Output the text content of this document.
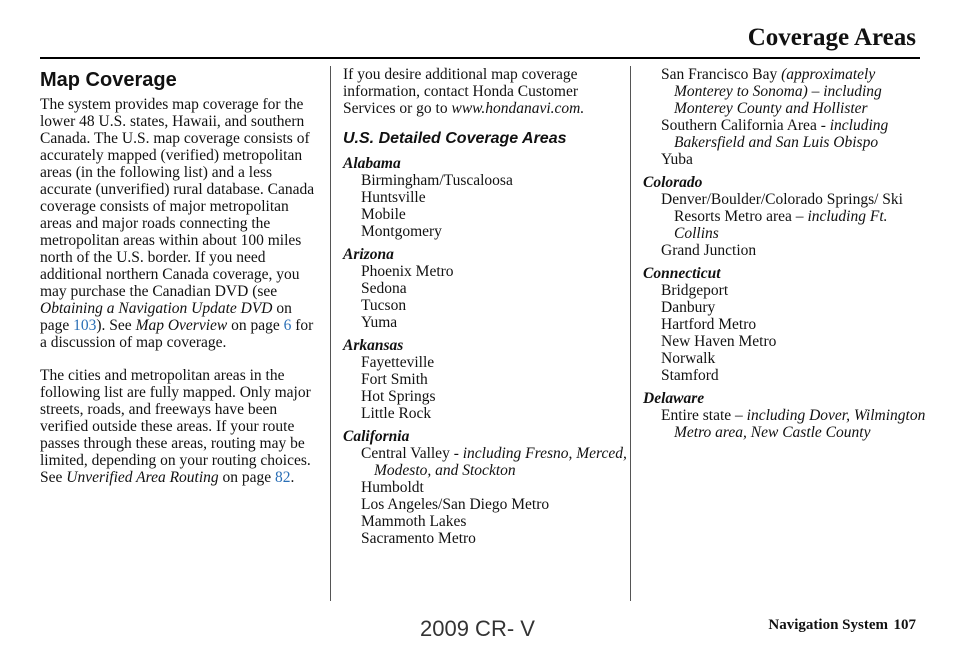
Coverage Areas
Map Coverage

The system provides map coverage for the lower 48 U.S. states, Hawaii, and southern Canada. The U.S. map coverage consists of accurately mapped (verified) metropolitan areas (in the following list) and a less accurate (unverified) rural database. Canada coverage consists of major metropolitan areas and major roads connecting the metropolitan areas within about 100 miles north of the U.S. border. If you need additional northern Canada coverage, you may purchase the Canadian DVD (see Obtaining a Navigation Update DVD on page 103). See Map Overview on page 6 for a discussion of map coverage.

The cities and metropolitan areas in the following list are fully mapped. Only major streets, roads, and freeways have been verified outside these areas. If your route passes through these areas, routing may be limited, depending on your routing choices. See Unverified Area Routing on page 82.

If you desire additional map coverage information, contact Honda Customer Services or go to www.hondanavi.com.

U.S. Detailed Coverage Areas
Alabama
Birmingham/Tuscaloosa
Huntsville
Mobile
Montgomery
Arizona
Phoenix Metro
Sedona
Tucson
Yuma
Arkansas
Fayetteville
Fort Smith
Hot Springs
Little Rock
California
Central Valley - including Fresno, Merced, Modesto, and Stockton
Humboldt
Los Angeles/San Diego Metro
Mammoth Lakes
Sacramento Metro
San Francisco Bay (approximately Monterey to Sonoma) – including Monterey County and Hollister
Southern California Area - including Bakersfield and San Luis Obispo
Yuba
Colorado
Denver/Boulder/Colorado Springs/ Ski Resorts Metro area – including Ft. Collins
Grand Junction
Connecticut
Bridgeport
Danbury
Hartford Metro
New Haven Metro
Norwalk
Stamford
Delaware
Entire state – including Dover, Wilmington Metro area, New Castle County
2009 CR- V	Navigation System 107
